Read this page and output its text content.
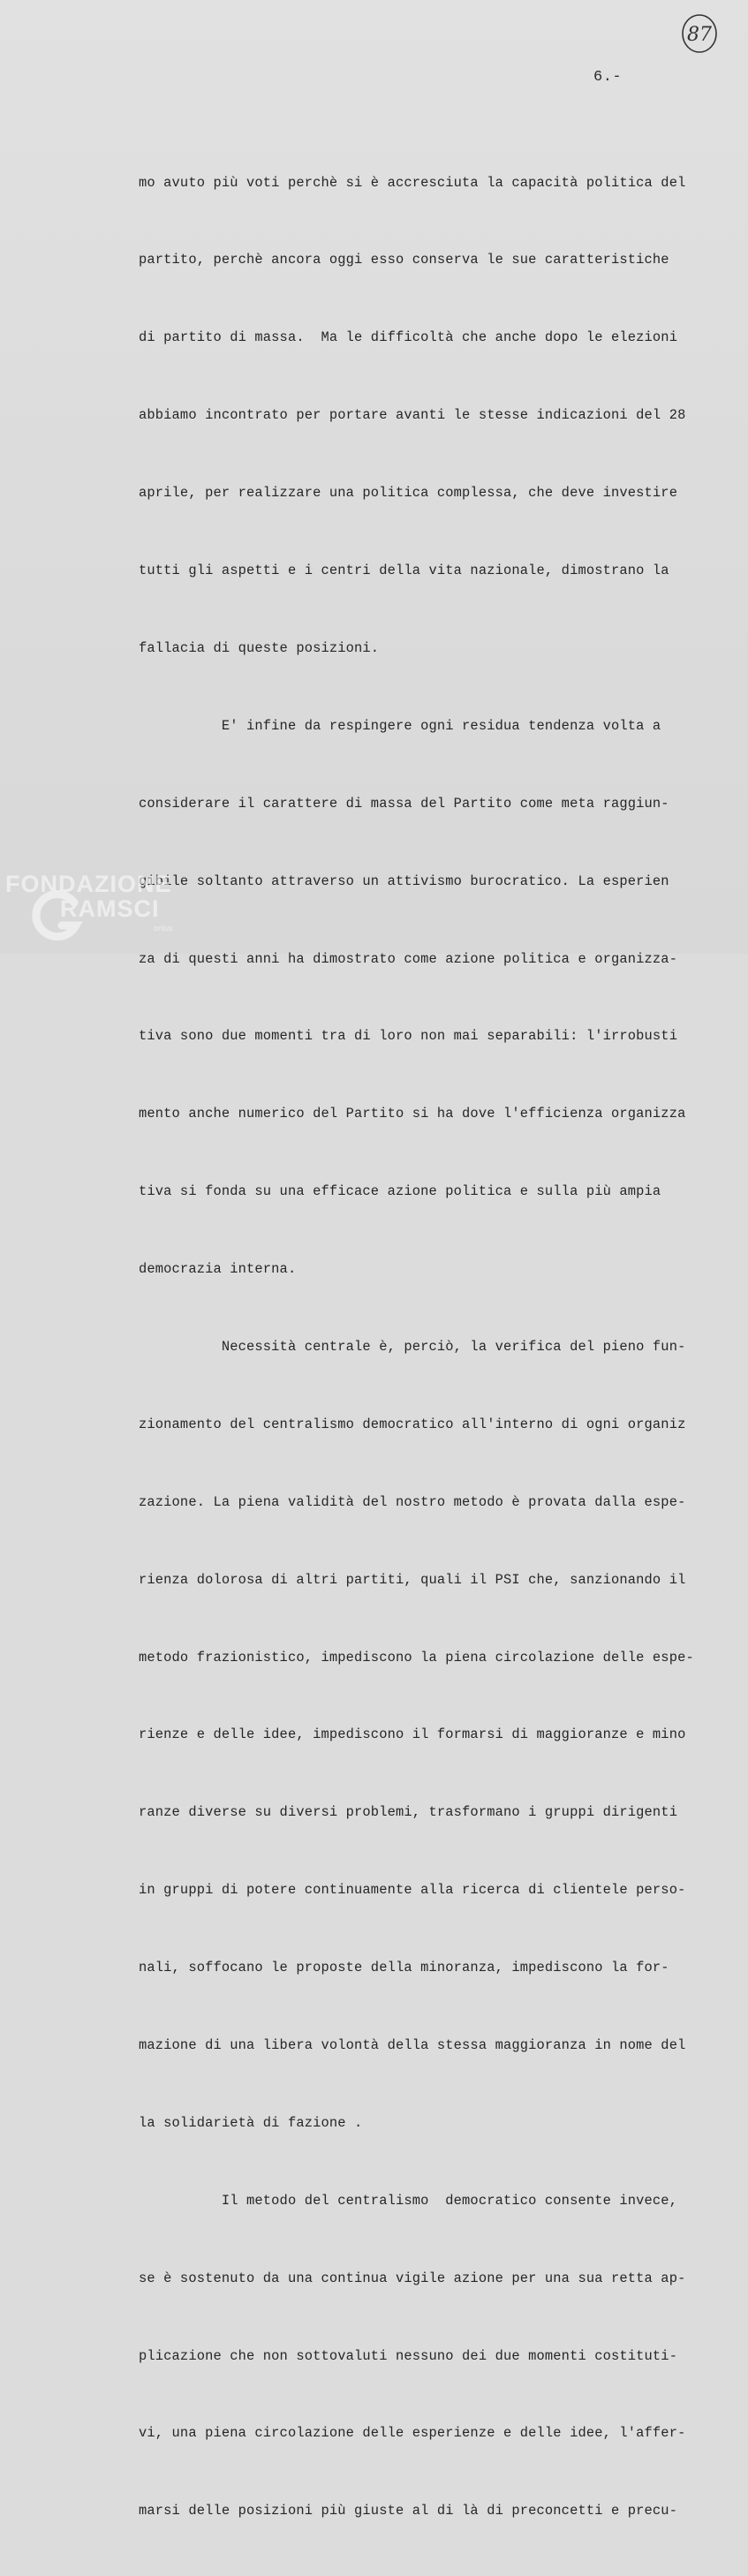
87
6.-

mo avuto più voti perchè si è accresciuta la capacità politica del

partito, perchè ancora oggi esso conserva le sue caratteristiche

di partito di massa.  Ma le difficoltà che anche dopo le elezioni

abbiamo incontrato per portare avanti le stesse indicazioni del 28

aprile, per realizzare una politica complessa, che deve investire

tutti gli aspetti e i centri della vita nazionale, dimostrano la

fallacia di queste posizioni.

E' infine da respingere ogni residua tendenza volta a

considerare il carattere di massa del Partito come meta raggiun-

gibile soltanto attraverso un attivismo burocratico. La esperien

za di questi anni ha dimostrato come azione politica e organizza-

tiva sono due momenti tra di loro non mai separabili: l'irrobusti

mento anche numerico del Partito si ha dove l'efficienza organizza

tiva si fonda su una efficace azione politica e sulla più ampia

democrazia interna.

Necessità centrale è, perciò, la verifica del pieno fun-

zionamento del centralismo democratico all'interno di ogni organiz

zazione. La piena validità del nostro metodo è provata dalla espe-

rienza dolorosa di altri partiti, quali il PSI che, sanzionando il

metodo frazionistico, impediscono la piena circolazione delle espe-

rienze e delle idee, impediscono il formarsi di maggioranze e mino

ranze diverse su diversi problemi, trasformano i gruppi dirigenti

in gruppi di potere continuamente alla ricerca di clientele perso-

nali, soffocano le proposte della minoranza, impediscono la for-

mazione di una libera volontà della stessa maggioranza in nome del

la solidarietà di fazione .

Il metodo del centralismo  democratico consente invece,

se è sostenuto da una continua vigile azione per una sua retta ap-

plicazione che non sottovaluti nessuno dei due momenti costituti-

vi, una piena circolazione delle esperienze e delle idee, l'affer-

marsi delle posizioni più giuste al di là di preconcetti e precu-

FONDAZIONE
RAMSCI
onlus
